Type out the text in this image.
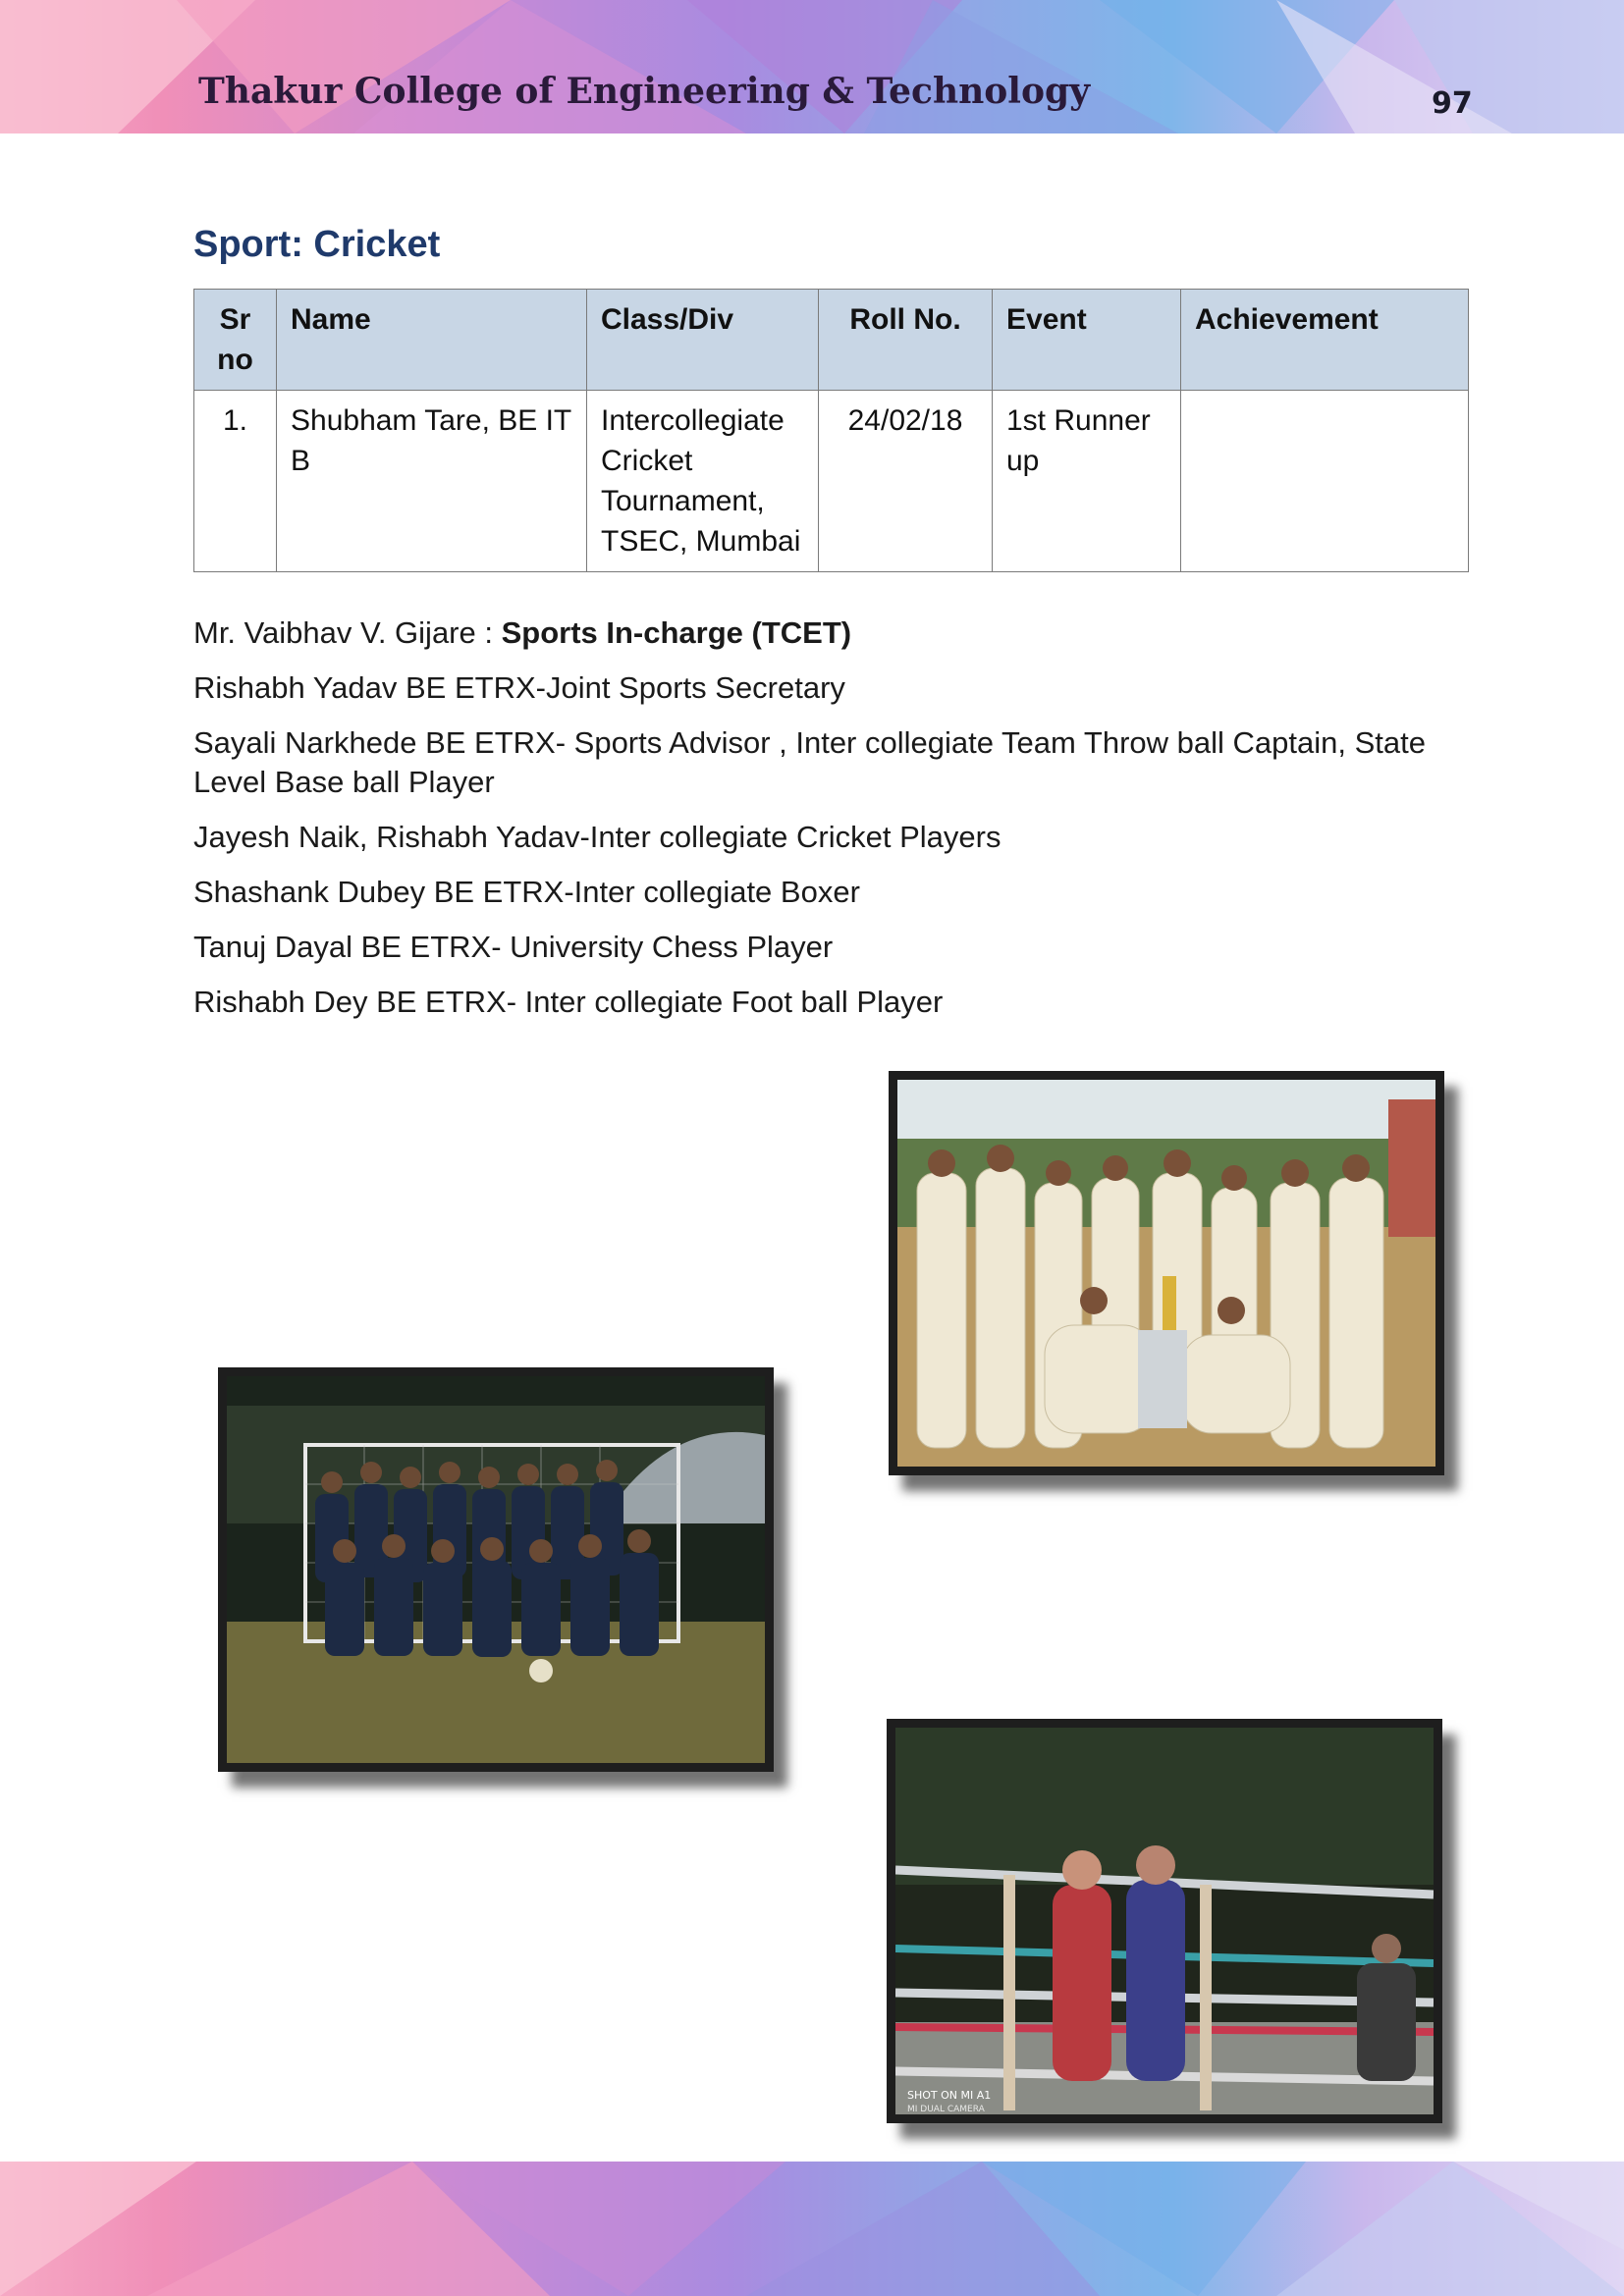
Thakur College of Engineering & Technology	97
Sport: Cricket
Sr no	Name	Class/Div	Roll No.	Event	Achievement
1.	Shubham Tare, BE IT B	Intercollegiate Cricket Tournament, TSEC, Mumbai	24/02/18	1st Runner up	

Mr. Vaibhav V. Gijare : Sports In-charge (TCET)

Rishabh Yadav BE ETRX-Joint Sports Secretary

Sayali Narkhede BE ETRX- Sports Advisor , Inter collegiate Team Throw ball Captain, State Level Base ball Player

Jayesh Naik, Rishabh Yadav-Inter collegiate Cricket Players

Shashank Dubey BE ETRX-Inter collegiate Boxer

Tanuj Dayal BE ETRX- University Chess Player

Rishabh Dey BE ETRX- Inter collegiate Foot ball Player

SHOT ON MI A1
MI DUAL CAMERA
